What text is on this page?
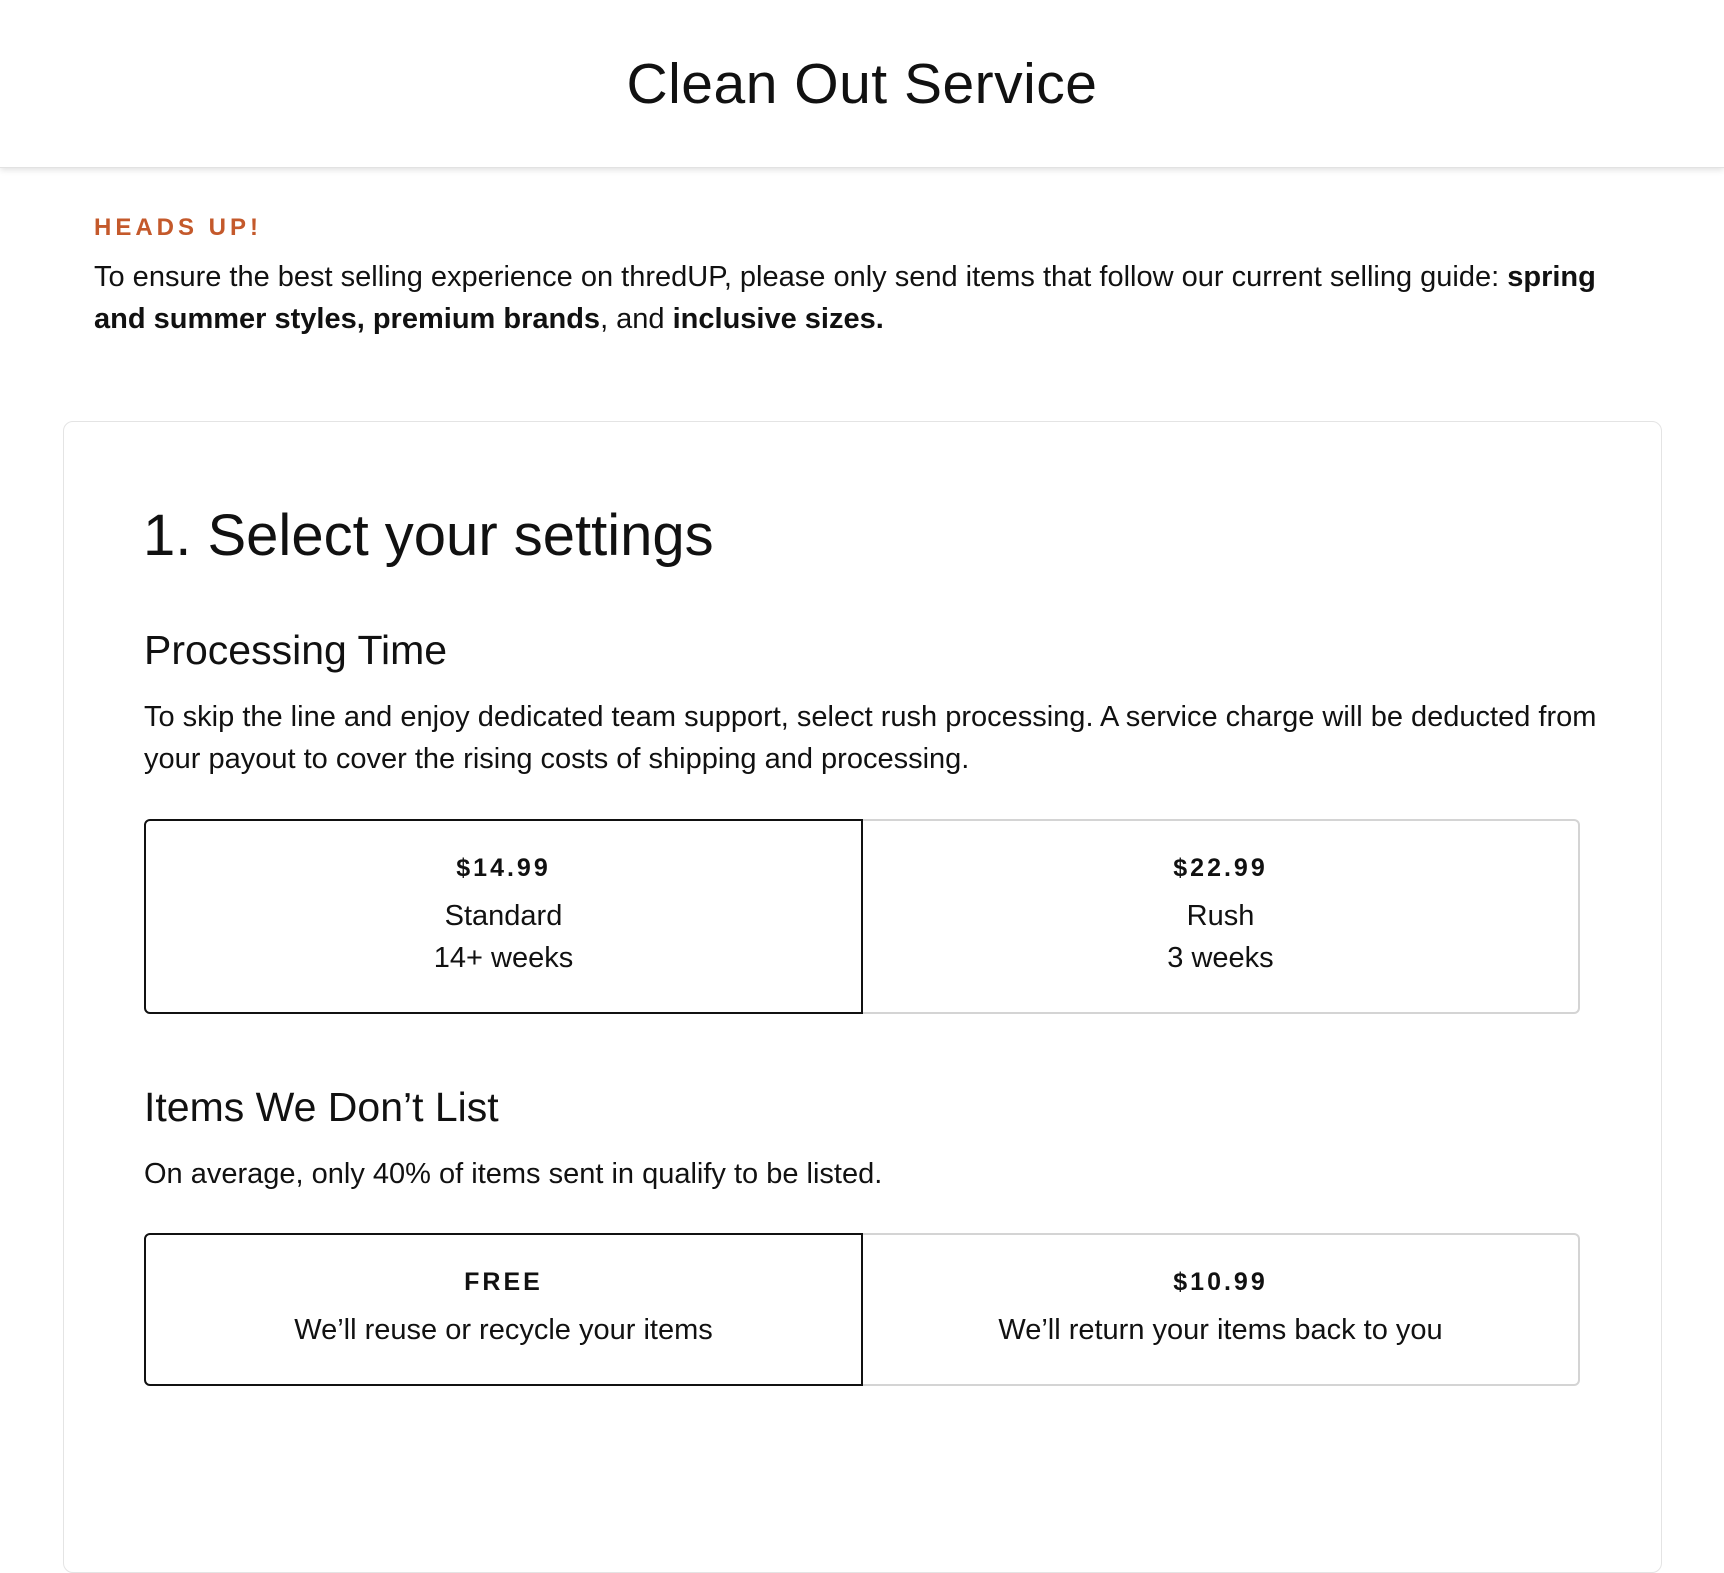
Clean Out Service

HEADS UP!

To ensure the best selling experience on thredUP, please only send items that follow our current selling guide: spring and summer styles, premium brands, and inclusive sizes.

1. Select your settings
Processing Time

To skip the line and enjoy dedicated team support, select rush processing. A service charge will be deducted from your payout to cover the rising costs of shipping and processing.

$14.99
Standard
14+ weeks
$22.99
Rush
3 weeks
Items We Don’t List

On average, only 40% of items sent in qualify to be listed.

FREE
We’ll reuse or recycle your items
$10.99
We’ll return your items back to you
